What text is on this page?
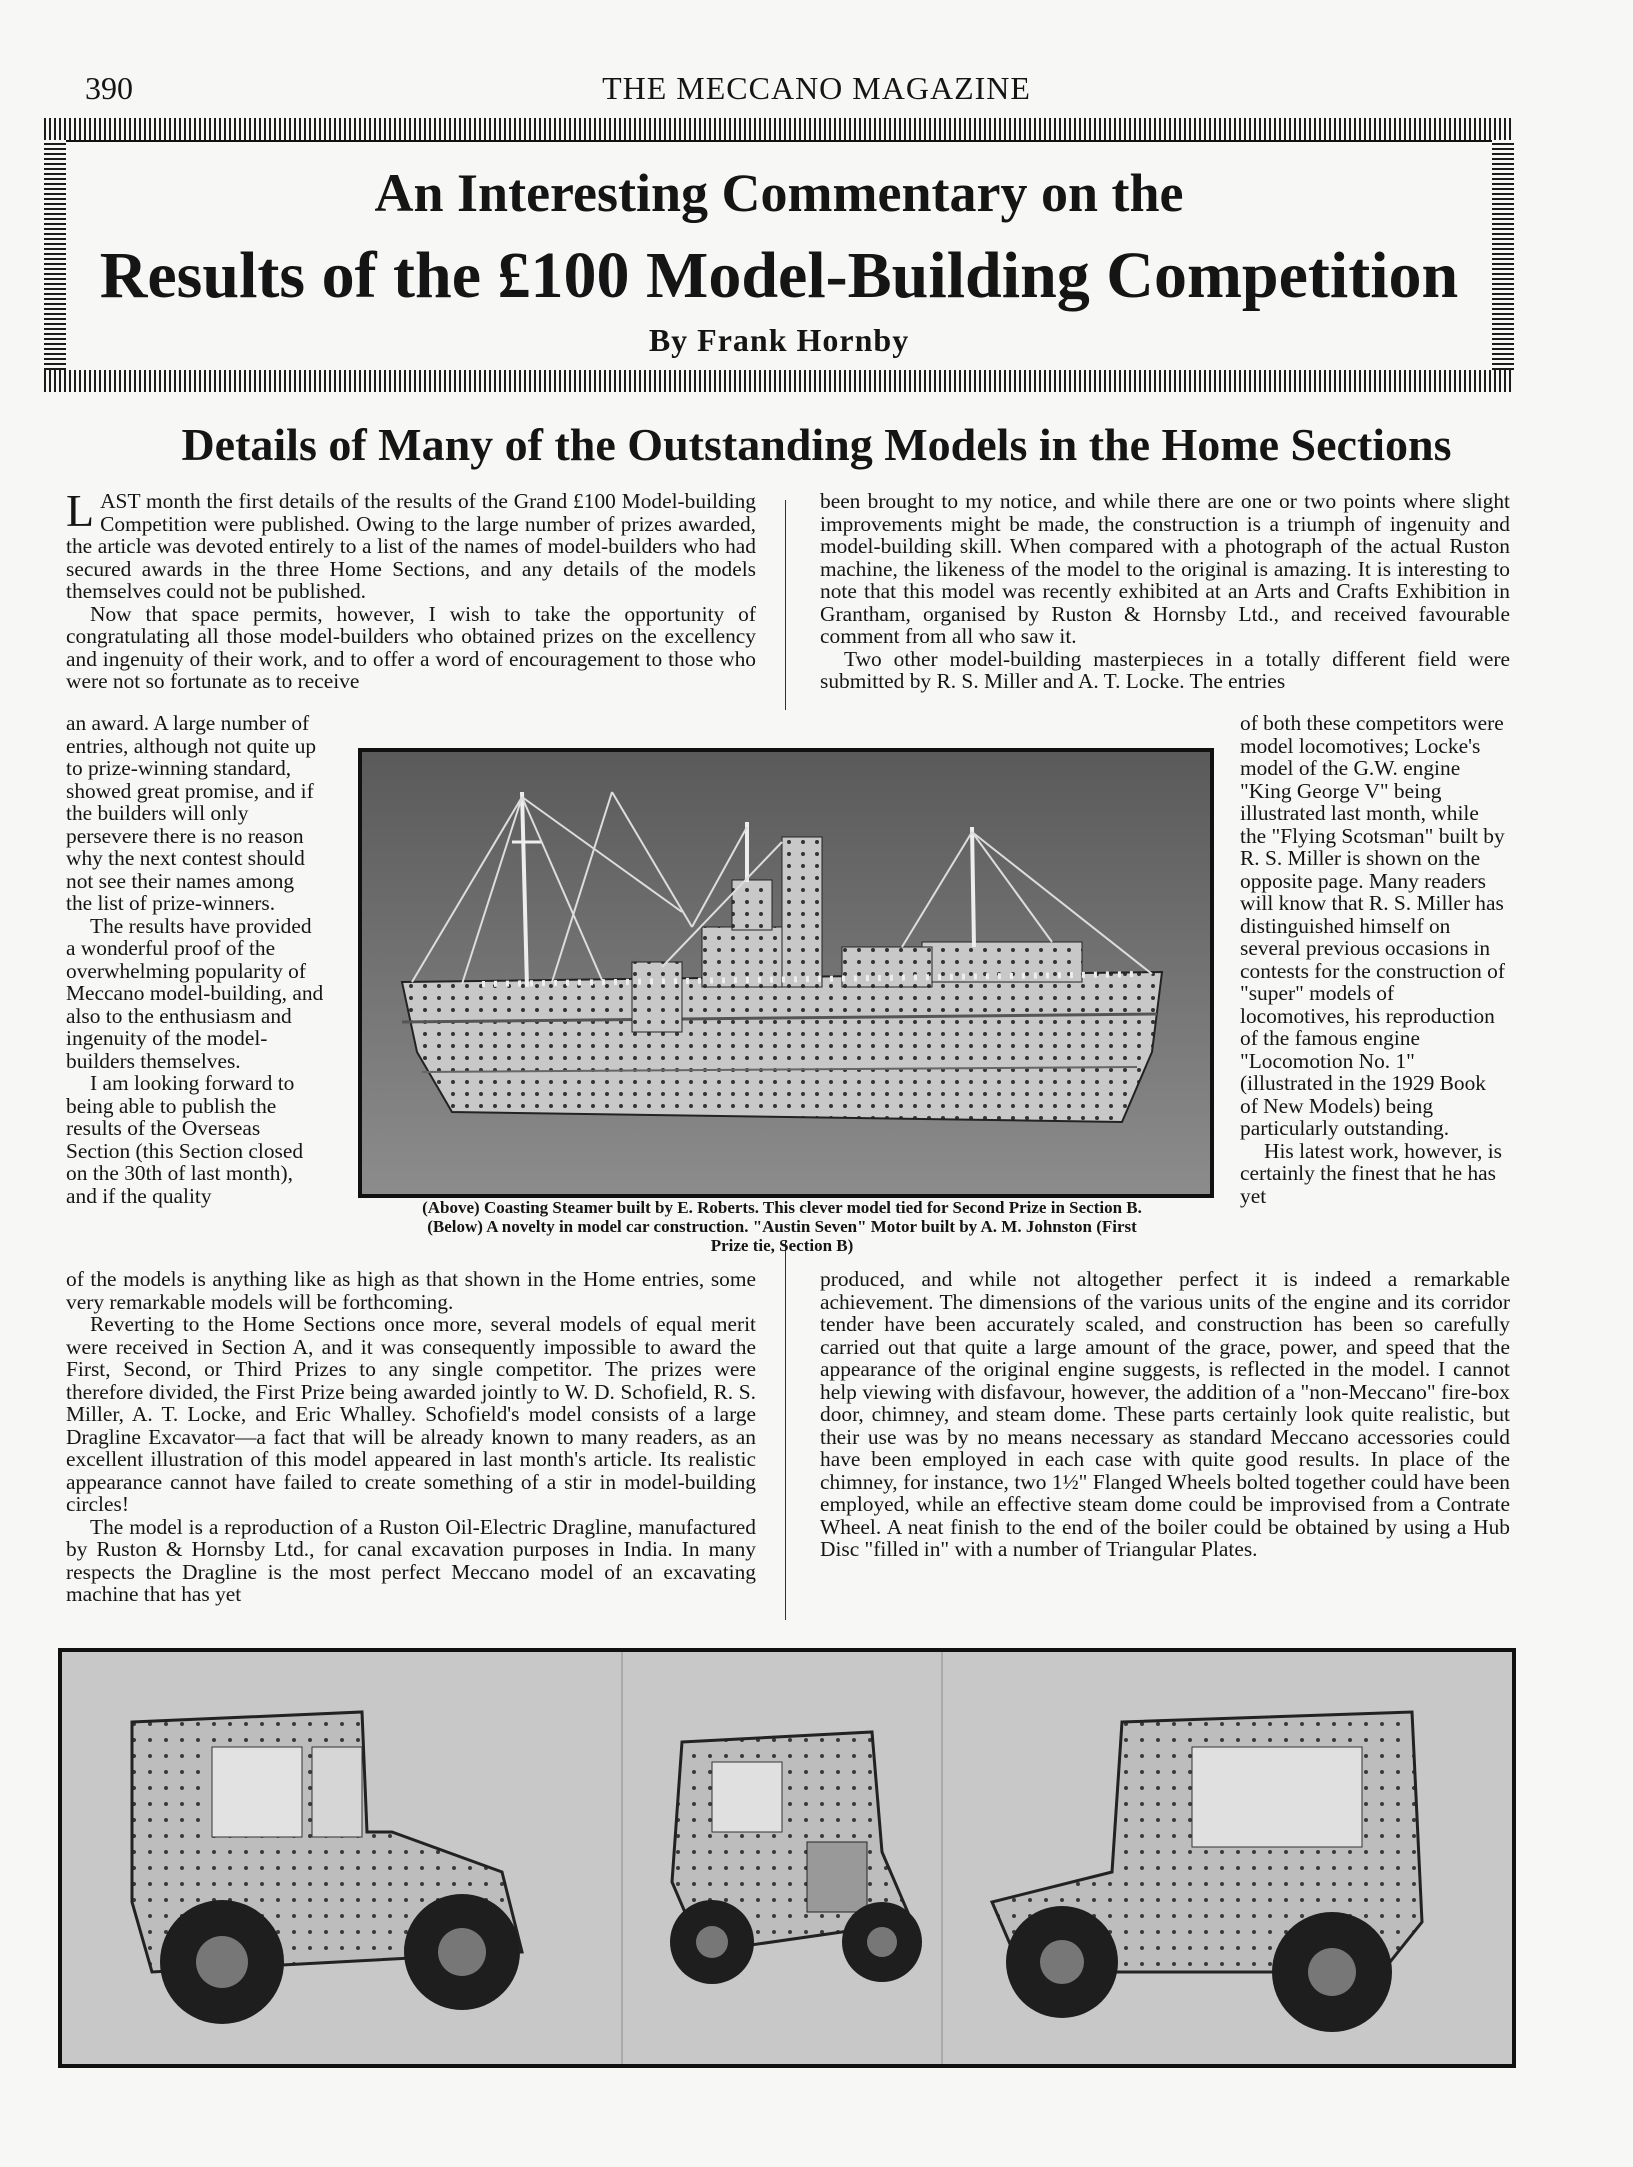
390	THE MECCANO MAGAZINE
An Interesting Commentary on the
Results of the £100 Model-Building Competition
By Frank Hornby
Details of Many of the Outstanding Models in the Home Sections

LAST month the first details of the results of the Grand £100 Model-building Competition were published. Owing to the large number of prizes awarded, the article was devoted entirely to a list of the names of model-builders who had secured awards in the three Home Sections, and any details of the models themselves could not be published.

Now that space permits, however, I wish to take the opportunity of congratulating all those model-builders who obtained prizes on the excellency and ingenuity of their work, and to offer a word of encouragement to those who were not so fortunate as to receive

an award. A large number of entries, although not quite up to prize-winning standard, showed great promise, and if the builders will only persevere there is no reason why the next contest should not see their names among the list of prize-winners.

The results have provided a wonderful proof of the overwhelming popularity of Meccano model-building, and also to the enthusiasm and ingenuity of the model-builders themselves.

I am looking forward to being able to publish the results of the Overseas Section (this Section closed on the 30th of last month), and if the quality

of the models is anything like as high as that shown in the Home entries, some very remarkable models will be forthcoming.

Reverting to the Home Sections once more, several models of equal merit were received in Section A, and it was consequently impossible to award the First, Second, or Third Prizes to any single competitor. The prizes were therefore divided, the First Prize being awarded jointly to W. D. Schofield, R. S. Miller, A. T. Locke, and Eric Whalley. Schofield's model consists of a large Dragline Excavator—a fact that will be already known to many readers, as an excellent illustration of this model appeared in last month's article. Its realistic appearance cannot have failed to create something of a stir in model-building circles!

The model is a reproduction of a Ruston Oil-Electric Dragline, manufactured by Ruston & Hornsby Ltd., for canal excavation purposes in India. In many respects the Dragline is the most perfect Meccano model of an excavating machine that has yet

been brought to my notice, and while there are one or two points where slight improvements might be made, the construction is a triumph of ingenuity and model-building skill. When compared with a photograph of the actual Ruston machine, the likeness of the model to the original is amazing. It is interesting to note that this model was recently exhibited at an Arts and Crafts Exhibition in Grantham, organised by Ruston & Hornsby Ltd., and received favourable comment from all who saw it.

Two other model-building masterpieces in a totally different field were submitted by R. S. Miller and A. T. Locke. The entries

of both these competitors were model locomotives; Locke's model of the G.W. engine "King George V" being illustrated last month, while the "Flying Scotsman" built by R. S. Miller is shown on the opposite page. Many readers will know that R. S. Miller has distinguished himself on several previous occasions in contests for the construction of "super" models of locomotives, his reproduction of the famous engine "Locomotion No. 1" (illustrated in the 1929 Book of New Models) being particularly outstanding.

His latest work, however, is certainly the finest that he has yet

produced, and while not altogether perfect it is indeed a remarkable achievement. The dimensions of the various units of the engine and its corridor tender have been accurately scaled, and construction has been so carefully carried out that quite a large amount of the grace, power, and speed that the appearance of the original engine suggests, is reflected in the model. I cannot help viewing with disfavour, however, the addition of a "non-Meccano" fire-box door, chimney, and steam dome. These parts certainly look quite realistic, but their use was by no means necessary as standard Meccano accessories could have been employed in each case with quite good results. In place of the chimney, for instance, two 1½" Flanged Wheels bolted together could have been employed, while an effective steam dome could be improvised from a Contrate Wheel. A neat finish to the end of the boiler could be obtained by using a Hub Disc "filled in" with a number of Triangular Plates.

(Above) Coasting Steamer built by E. Roberts. This clever model tied for Second Prize in Section B.
(Below) A novelty in model car construction. "Austin Seven" Motor built by A. M. Johnston (First
Prize tie, Section B)
